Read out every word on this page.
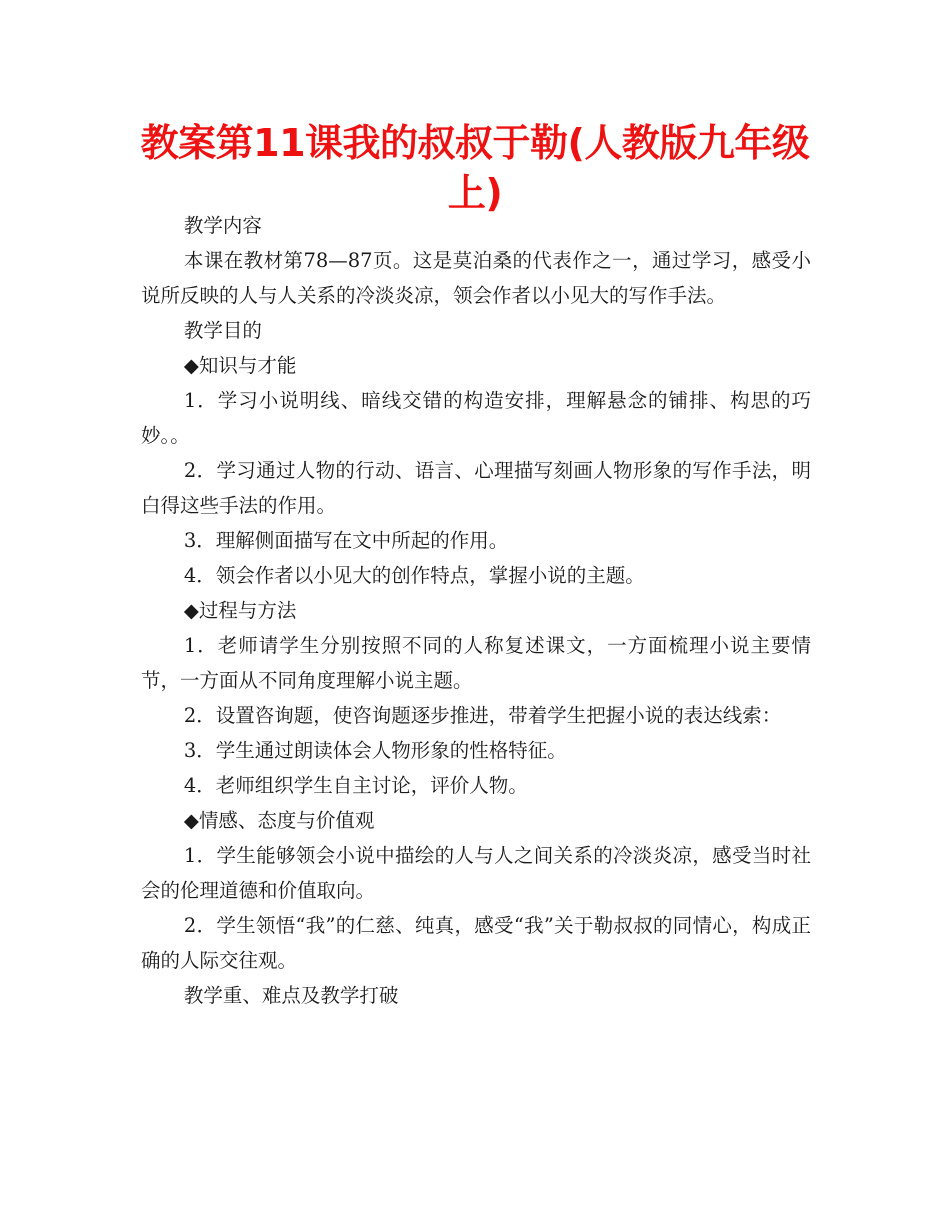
教案第11课我的叔叔于勒(人教版九年级上)

教学内容

本课在教材第78—87页。这是莫泊桑的代表作之一，通过学习，感受小说所反映的人与人关系的冷淡炎凉，领会作者以小见大的写作手法。

教学目的

◆知识与才能

1．学习小说明线、暗线交错的构造安排，理解悬念的铺排、构思的巧妙。。

2．学习通过人物的行动、语言、心理描写刻画人物形象的写作手法，明白得这些手法的作用。

3．理解侧面描写在文中所起的作用。

4．领会作者以小见大的创作特点，掌握小说的主题。

◆过程与方法

1．老师请学生分别按照不同的人称复述课文，一方面梳理小说主要情节，一方面从不同角度理解小说主题。

2．设置咨询题，使咨询题逐步推进，带着学生把握小说的表达线索：

3．学生通过朗读体会人物形象的性格特征。

4．老师组织学生自主讨论，评价人物。

◆情感、态度与价值观

1．学生能够领会小说中描绘的人与人之间关系的冷淡炎凉，感受当时社会的伦理道德和价值取向。

2．学生领悟“我”的仁慈、纯真，感受“我”关于勒叔叔的同情心，构成正确的人际交往观。

教学重、难点及教学打破
